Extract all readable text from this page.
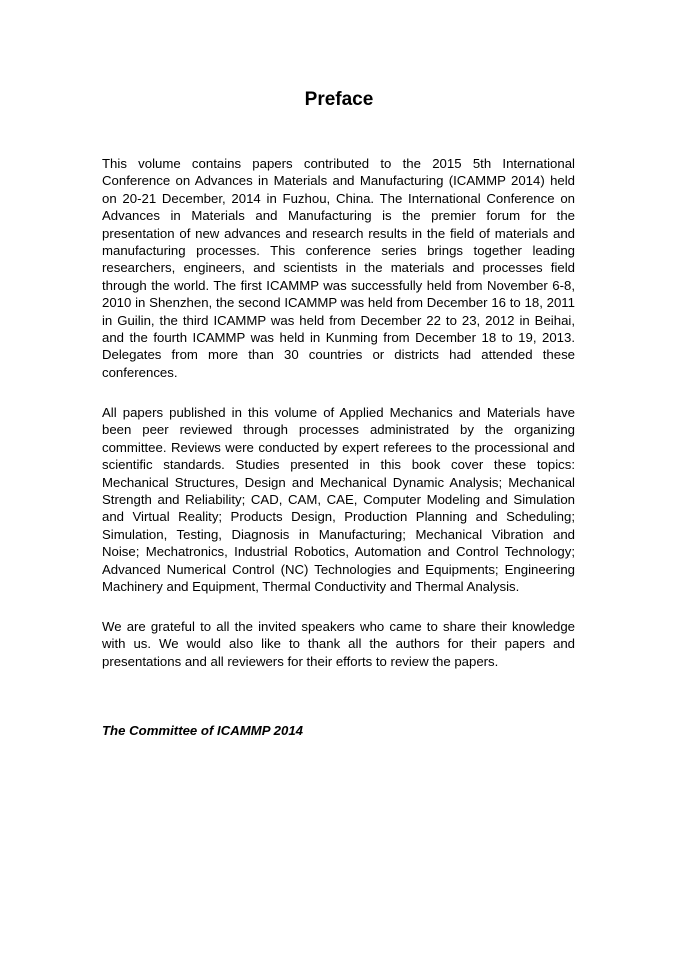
Preface

This volume contains papers contributed to the 2015 5th International Conference on Advances in Materials and Manufacturing (ICAMMP 2014) held on 20-21 December, 2014 in Fuzhou, China. The International Conference on Advances in Materials and Manufacturing is the premier forum for the presentation of new advances and research results in the field of materials and manufacturing processes. This conference series brings together leading researchers, engineers, and scientists in the materials and processes field through the world. The first ICAMMP was successfully held from November 6-8, 2010 in Shenzhen, the second ICAMMP was held from December 16 to 18, 2011 in Guilin, the third ICAMMP was held from December 22 to 23, 2012 in Beihai, and the fourth ICAMMP was held in Kunming from December 18 to 19, 2013. Delegates from more than 30 countries or districts had attended these conferences.

All papers published in this volume of Applied Mechanics and Materials have been peer reviewed through processes administrated by the organizing committee. Reviews were conducted by expert referees to the processional and scientific standards. Studies presented in this book cover these topics: Mechanical Structures, Design and Mechanical Dynamic Analysis; Mechanical Strength and Reliability; CAD, CAM, CAE, Computer Modeling and Simulation and Virtual Reality; Products Design, Production Planning and Scheduling; Simulation, Testing, Diagnosis in Manufacturing; Mechanical Vibration and Noise; Mechatronics, Industrial Robotics, Automation and Control Technology; Advanced Numerical Control (NC) Technologies and Equipments; Engineering Machinery and Equipment, Thermal Conductivity and Thermal Analysis.

We are grateful to all the invited speakers who came to share their knowledge with us. We would also like to thank all the authors for their papers and presentations and all reviewers for their efforts to review the papers.

The Committee of ICAMMP 2014
